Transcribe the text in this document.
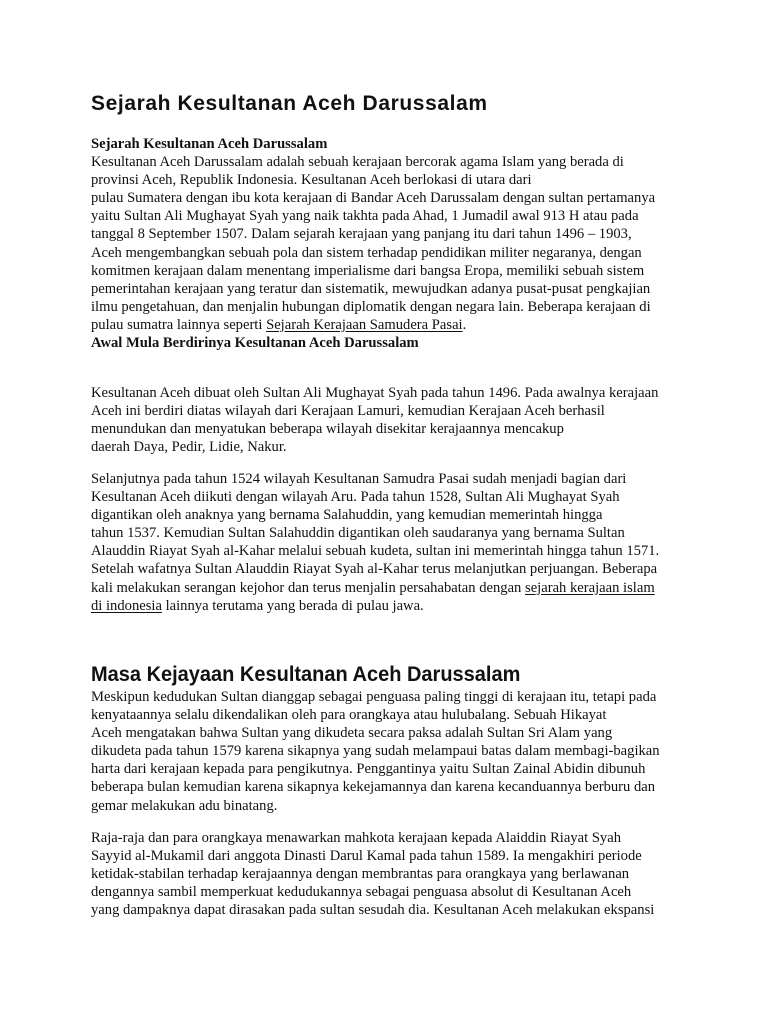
Sejarah Kesultanan Aceh Darussalam
Sejarah Kesultanan Aceh Darussalam
Kesultanan Aceh Darussalam adalah sebuah kerajaan bercorak agama Islam yang berada di
provinsi Aceh, Republik Indonesia. Kesultanan Aceh berlokasi di utara dari
pulau Sumatera dengan ibu kota kerajaan di Bandar Aceh Darussalam dengan sultan pertamanya
yaitu Sultan Ali Mughayat Syah yang naik takhta pada Ahad, 1 Jumadil awal 913 H atau pada
tanggal 8 September 1507. Dalam sejarah kerajaan yang panjang itu dari tahun 1496 – 1903,
Aceh mengembangkan sebuah pola dan sistem terhadap pendidikan militer negaranya, dengan
komitmen kerajaan dalam menentang imperialisme dari bangsa Eropa, memiliki sebuah sistem
pemerintahan kerajaan yang teratur dan sistematik, mewujudkan adanya pusat-pusat pengkajian
ilmu pengetahuan, dan menjalin hubungan diplomatik dengan negara lain. Beberapa kerajaan di
pulau sumatra lainnya seperti Sejarah Kerajaan Samudera Pasai.
Awal Mula Berdirinya Kesultanan Aceh Darussalam
Kesultanan Aceh dibuat oleh Sultan Ali Mughayat Syah pada tahun 1496. Pada awalnya kerajaan
Aceh ini berdiri diatas wilayah dari Kerajaan Lamuri, kemudian Kerajaan Aceh berhasil
menundukan dan menyatukan beberapa wilayah disekitar kerajaannya mencakup
daerah Daya, Pedir, Lidie, Nakur.
Selanjutnya pada tahun 1524 wilayah Kesultanan Samudra Pasai sudah menjadi bagian dari
Kesultanan Aceh diikuti dengan wilayah Aru. Pada tahun 1528, Sultan Ali Mughayat Syah
digantikan oleh anaknya yang bernama Salahuddin, yang kemudian memerintah hingga
tahun 1537. Kemudian Sultan Salahuddin digantikan oleh saudaranya yang bernama Sultan
Alauddin Riayat Syah al-Kahar melalui sebuah kudeta, sultan ini memerintah hingga tahun 1571.
Setelah wafatnya Sultan Alauddin Riayat Syah al-Kahar terus melanjutkan perjuangan. Beberapa
kali melakukan serangan kejohor dan terus menjalin persahabatan dengan sejarah kerajaan islam
di indonesia lainnya terutama yang berada di pulau jawa.
Masa Kejayaan Kesultanan Aceh Darussalam
Meskipun kedudukan Sultan dianggap sebagai penguasa paling tinggi di kerajaan itu, tetapi pada
kenyataannya selalu dikendalikan oleh para orangkaya atau hulubalang. Sebuah Hikayat
Aceh mengatakan bahwa Sultan yang dikudeta secara paksa adalah Sultan Sri Alam yang
dikudeta pada tahun 1579 karena sikapnya yang sudah melampaui batas dalam membagi-bagikan
harta dari kerajaan kepada para pengikutnya. Penggantinya yaitu Sultan Zainal Abidin dibunuh
beberapa bulan kemudian karena sikapnya kekejamannya dan karena kecanduannya berburu dan
gemar melakukan adu binatang.
Raja-raja dan para orangkaya menawarkan mahkota kerajaan kepada Alaiddin Riayat Syah
Sayyid al-Mukamil dari anggota Dinasti Darul Kamal pada tahun 1589. Ia mengakhiri periode
ketidak-stabilan terhadap kerajaannya dengan membrantas para orangkaya yang berlawanan
dengannya sambil memperkuat kedudukannya sebagai penguasa absolut di Kesultanan Aceh
yang dampaknya dapat dirasakan pada sultan sesudah dia. Kesultanan Aceh melakukan ekspansi
